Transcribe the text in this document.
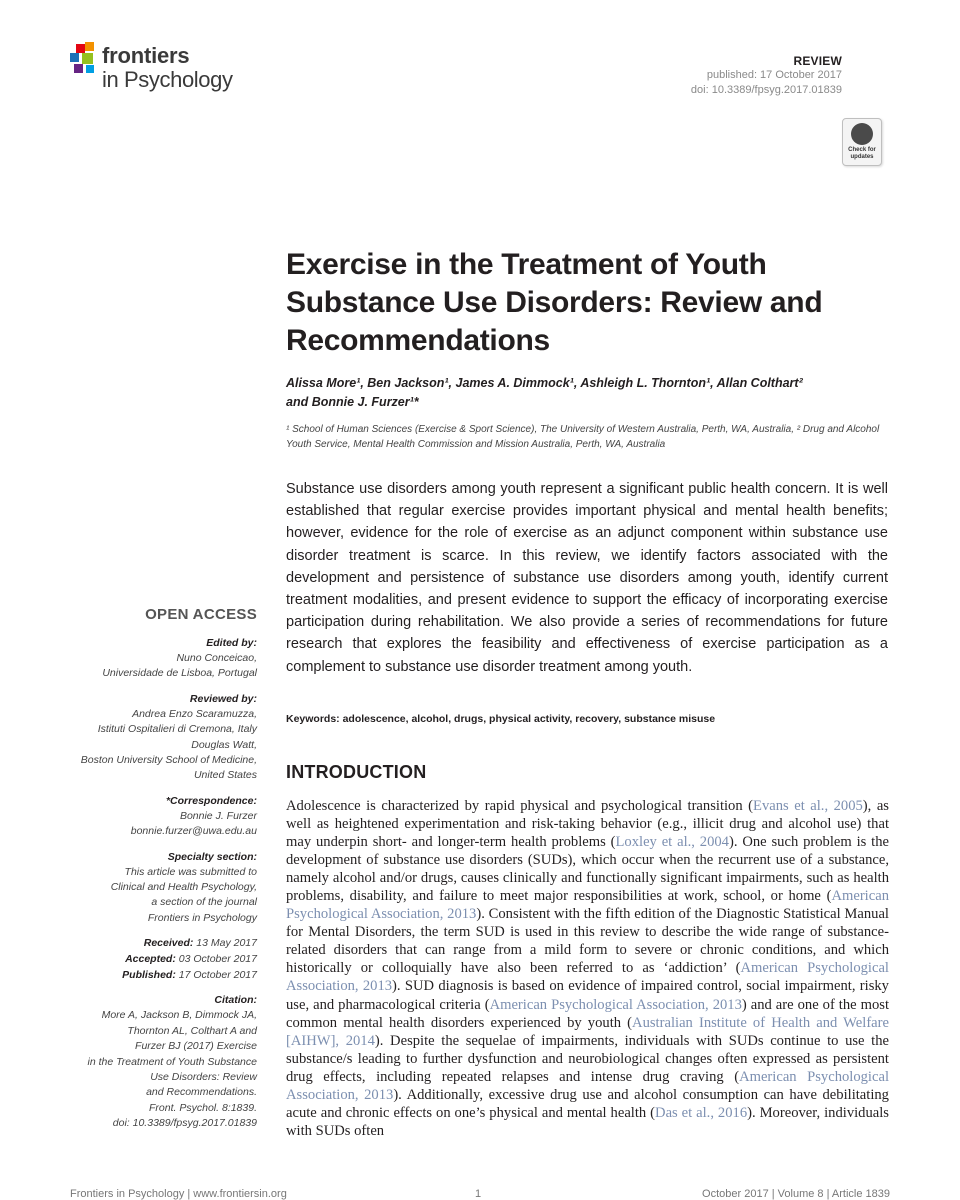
frontiers
in Psychology
REVIEW
published: 17 October 2017
doi: 10.3389/fpsyg.2017.01839
Check for updates
Exercise in the Treatment of Youth Substance Use Disorders: Review and Recommendations
Alissa More¹, Ben Jackson¹, James A. Dimmock¹, Ashleigh L. Thornton¹, Allan Colthart²
and Bonnie J. Furzer¹*
¹ School of Human Sciences (Exercise & Sport Science), The University of Western Australia, Perth, WA, Australia, ² Drug and Alcohol Youth Service, Mental Health Commission and Mission Australia, Perth, WA, Australia
Substance use disorders among youth represent a significant public health concern. It is well established that regular exercise provides important physical and mental health benefits; however, evidence for the role of exercise as an adjunct component within substance use disorder treatment is scarce. In this review, we identify factors associated with the development and persistence of substance use disorders among youth, identify current treatment modalities, and present evidence to support the efficacy of incorporating exercise participation during rehabilitation. We also provide a series of recommendations for future research that explores the feasibility and effectiveness of exercise participation as a complement to substance use disorder treatment among youth.
Keywords: adolescence, alcohol, drugs, physical activity, recovery, substance misuse
INTRODUCTION
Adolescence is characterized by rapid physical and psychological transition (Evans et al., 2005), as well as heightened experimentation and risk-taking behavior (e.g., illicit drug and alcohol use) that may underpin short- and longer-term health problems (Loxley et al., 2004). One such problem is the development of substance use disorders (SUDs), which occur when the recurrent use of a substance, namely alcohol and/or drugs, causes clinically and functionally significant impairments, such as health problems, disability, and failure to meet major responsibilities at work, school, or home (American Psychological Association, 2013). Consistent with the fifth edition of the Diagnostic Statistical Manual for Mental Disorders, the term SUD is used in this review to describe the wide range of substance-related disorders that can range from a mild form to severe or chronic conditions, and which historically or colloquially have also been referred to as ‘addiction’ (American Psychological Association, 2013). SUD diagnosis is based on evidence of impaired control, social impairment, risky use, and pharmacological criteria (American Psychological Association, 2013) and are one of the most common mental health disorders experienced by youth (Australian Institute of Health and Welfare [AIHW], 2014). Despite the sequelae of impairments, individuals with SUDs continue to use the substance/s leading to further dysfunction and neurobiological changes often expressed as persistent drug effects, including repeated relapses and intense drug craving (American Psychological Association, 2013). Additionally, excessive drug use and alcohol consumption can have debilitating acute and chronic effects on one’s physical and mental health (Das et al., 2016). Moreover, individuals with SUDs often
OPEN ACCESS
Edited by:
Nuno Conceicao,
Universidade de Lisboa, Portugal
Reviewed by:
Andrea Enzo Scaramuzza,
Istituti Ospitalieri di Cremona, Italy
Douglas Watt,
Boston University School of Medicine,
United States
*Correspondence:
Bonnie J. Furzer
bonnie.furzer@uwa.edu.au
Specialty section:
This article was submitted to
Clinical and Health Psychology,
a section of the journal
Frontiers in Psychology
Received: 13 May 2017
Accepted: 03 October 2017
Published: 17 October 2017
Citation:
More A, Jackson B, Dimmock JA,
Thornton AL, Colthart A and
Furzer BJ (2017) Exercise
in the Treatment of Youth Substance
Use Disorders: Review
and Recommendations.
Front. Psychol. 8:1839.
doi: 10.3389/fpsyg.2017.01839
Frontiers in Psychology | www.frontiersin.org	1	October 2017 | Volume 8 | Article 1839
